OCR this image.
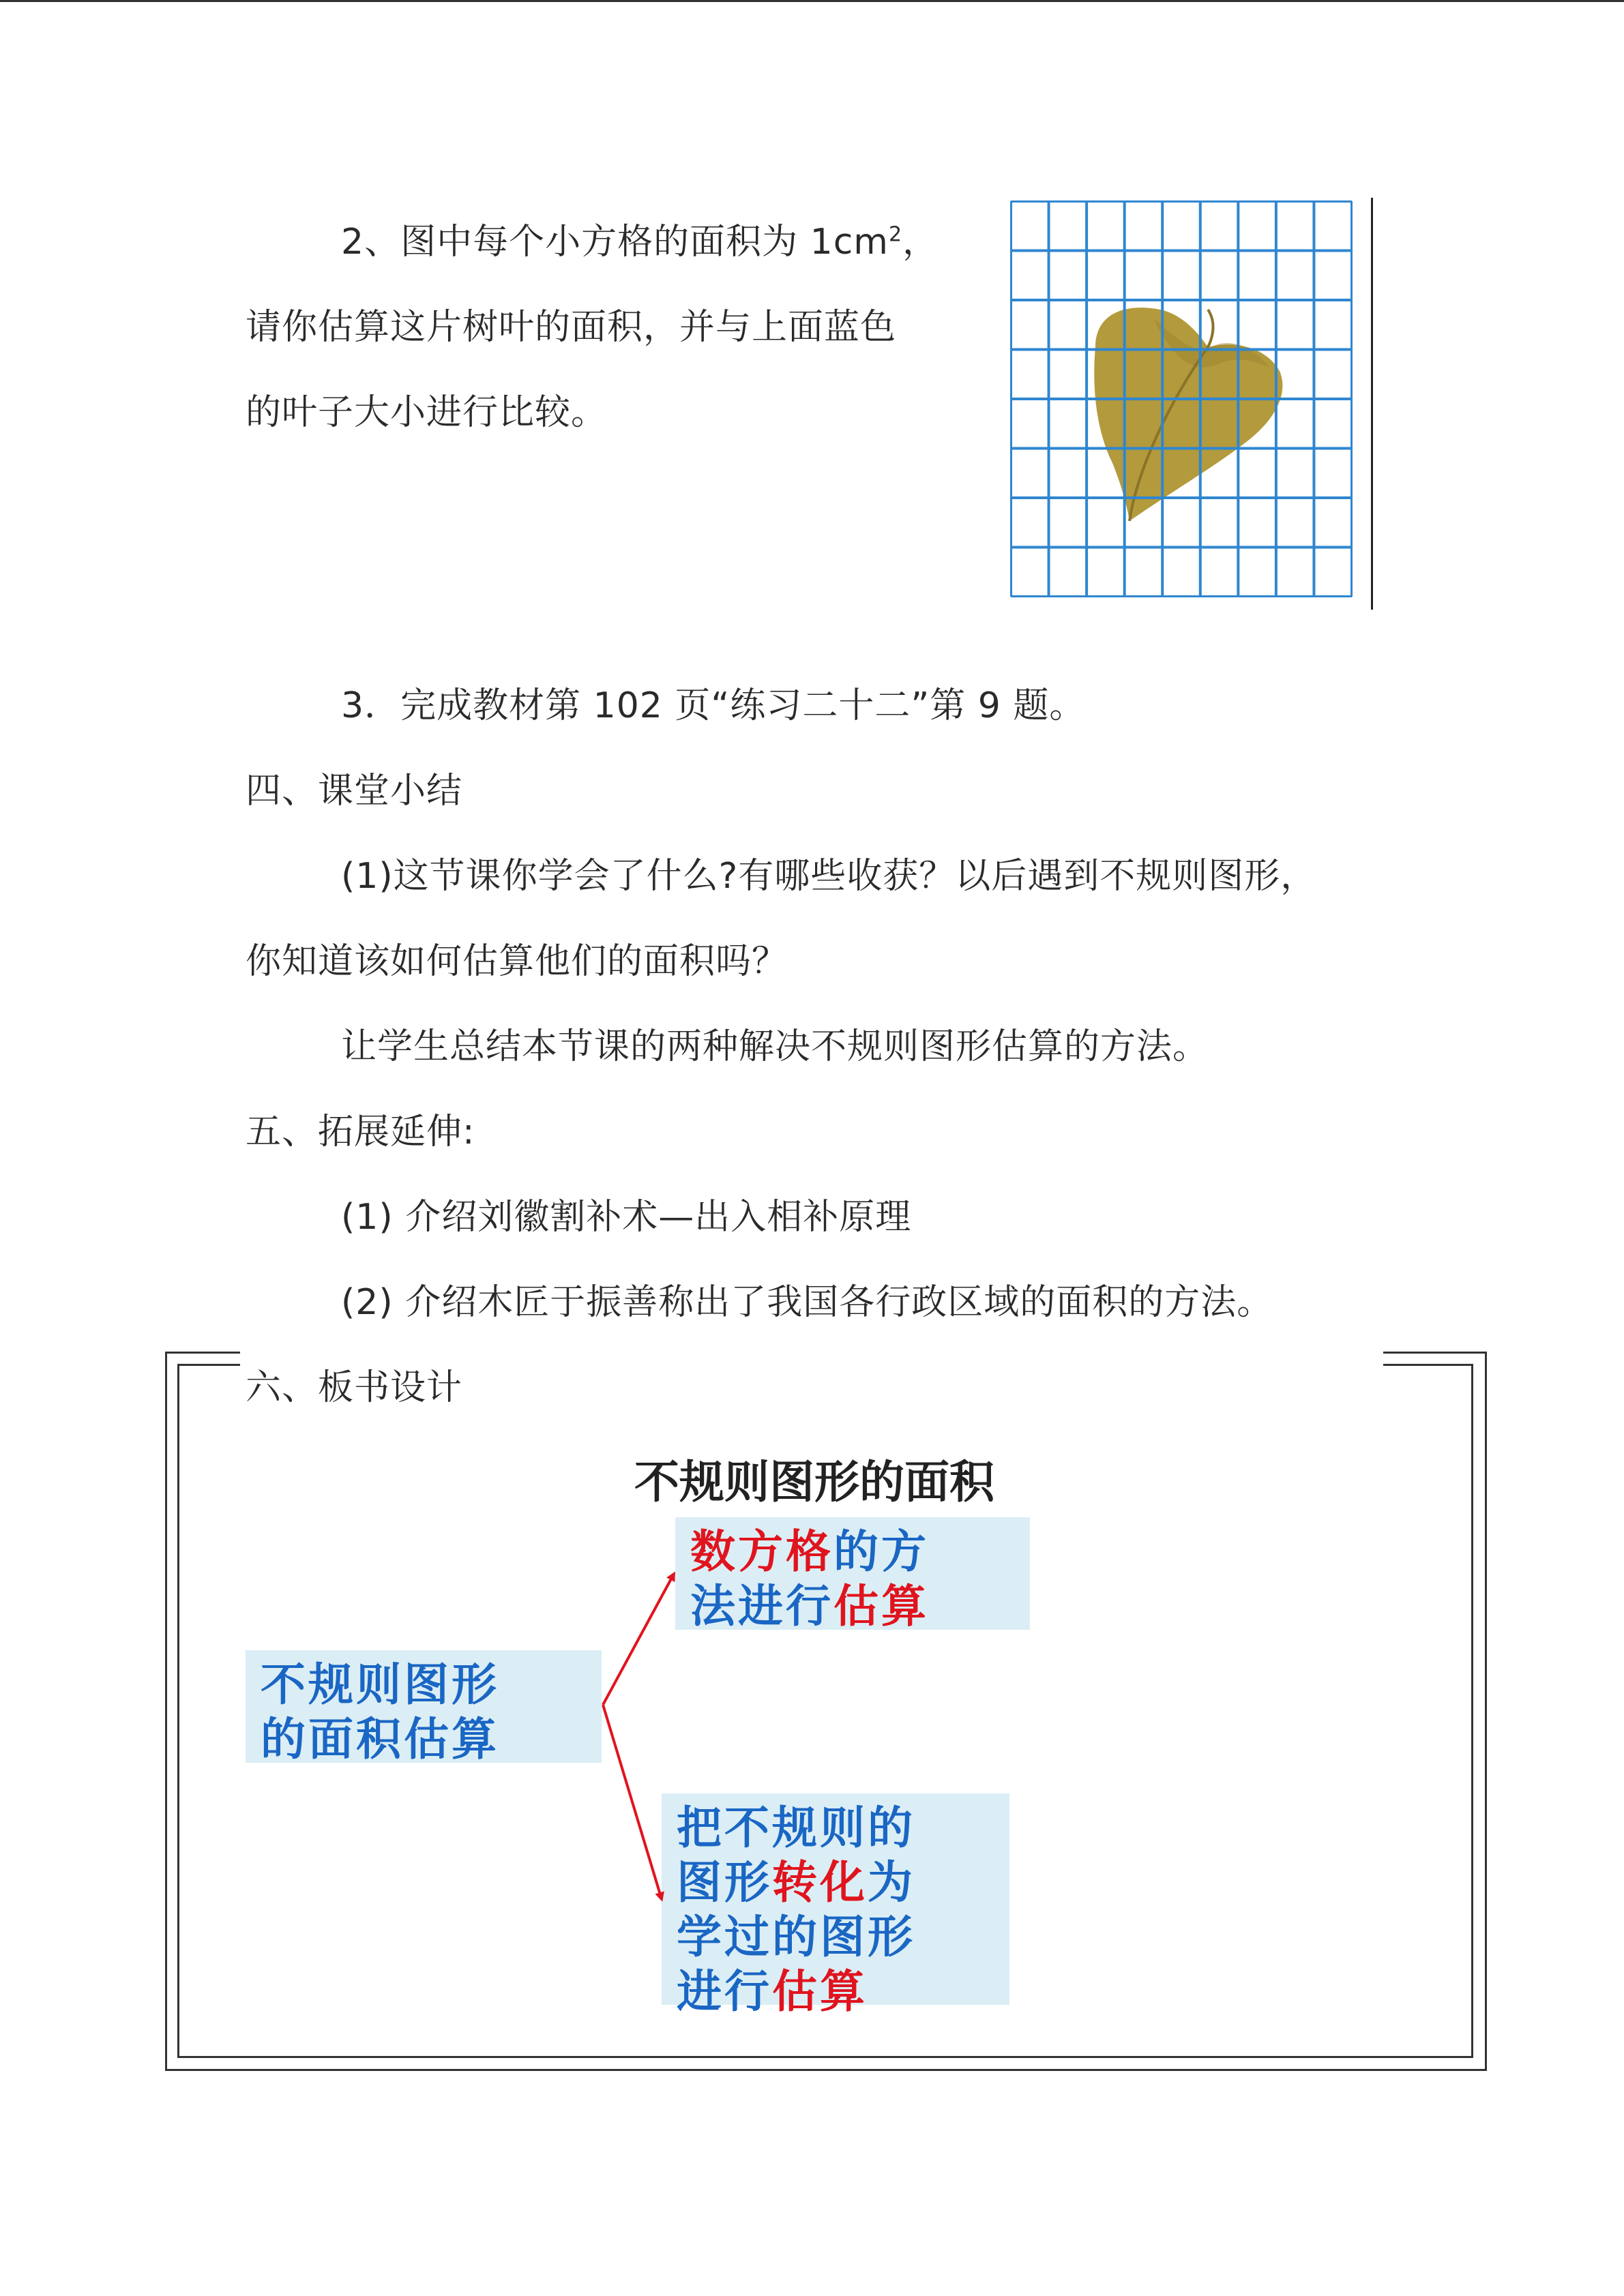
2、图中每个小方格的面积为 $1cm^2$，
请你估算这片树叶的面积，并与上面蓝色
的叶子大小进行比较。
3．完成教材第 102 页“练习二十二”第 9 题。
四、课堂小结
(1)这节课你学会了什么?有哪些收获？以后遇到不规则图形，
你知道该如何估算他们的面积吗？
让学生总结本节课的两种解决不规则图形估算的方法。
五、拓展延伸:
(1) 介绍刘徽割补术—出入相补原理
(2) 介绍木匠于振善称出了我国各行政区域的面积的方法。
六、板书设计
不规则图形的面积
数方格的方
法进行估算
不规则图形
的面积估算
把不规则的
图形转化为
学过的图形
进行估算
